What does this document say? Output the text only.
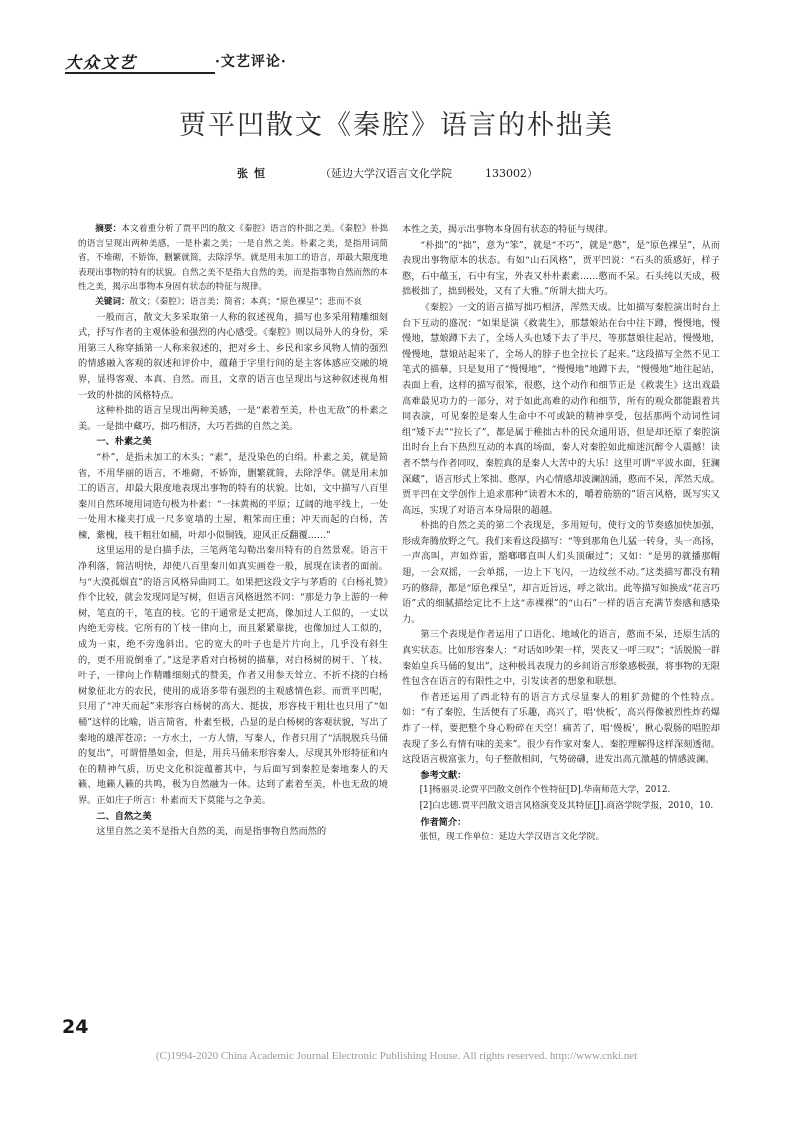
大众文艺	·文艺评论·
贾平凹散文《秦腔》语言的朴拙美
张恒	（延边大学汉语言文化学院　　　133002）

摘要：本文着重分析了贾平凹的散文《秦腔》语言的朴拙之美。《秦腔》朴拙的语言呈现出两种美感，一是朴素之美；一是自然之美。朴素之美，是指用词简省，不堆砌，不娇饰，删繁就简，去除浮华。就是用未加工的语言，却最大限度地表现出事物的特有的状貌。自然之美不是指大自然的美，而是指事物自然而然的本性之美，揭示出事物本身固有状态的特征与规律。

关键词：散文；《秦腔》；语言美；简省；本真；“原色裸呈”；悲而不哀

一般而言，散文大多采取第一人称的叙述视角，描写也多采用精雕细刻式，抒写作者的主观体验和强烈的内心感受。《秦腔》则以局外人的身份，采用第三人称穿插第一人称来叙述的，把对乡土、乡民和家乡风物人情的强烈的情感融入客观的叙述和评价中，蕴藉于字里行间的是主客体感应交融的境界，显得客观、本真、自然。而且，文章的语言也呈现出与这种叙述视角相一致的朴拙的风格特点。

这种朴拙的语言呈现出两种美感，一是“素着至美，朴也无敌”的朴素之美。一是拙中藏巧，拙巧相济，大巧若拙的自然之美。

一、朴素之美

“朴”，是指未加工的木头；“素”，是没染色的白绢。朴素之美，就是简省，不用华丽的语言，不堆砌，不娇饰，删繁就简，去除浮华。就是用未加工的语言，却最大限度地表现出事物的特有的状貌。比如，文中描写八百里秦川自然环境用词造句极为朴素：“一抹黄褐的平原；辽阔的地平线上，一处一处用木椽夹打成一尺多宽墙的土屋，粗笨而庄重；冲天而起的白杨，苦楝，紫槐，枝干粗壮如桶，叶却小似铜钱，迎风正反翻覆……”

这里运用的是白描手法，三笔两笔勾勒出秦川特有的自然景观。语言干净利落，简洁明快，却使八百里秦川如真实画卷一般，展现在读者的面前。与“大漠孤烟直”的语言风格异曲同工。如果把这段文字与茅盾的《白杨礼赞》作个比较，就会发现同是写树，但语言风格迥然不同：“那是力争上游的一种树，笔直的干，笔直的枝。它的干通常是丈把高，像加过人工似的，一丈以内绝无旁枝。它所有的丫枝一律向上，而且紧紧靠拢，也像加过人工似的，成为一束，绝不旁逸斜出。它的宽大的叶子也是片片向上，几乎没有斜生的，更不用说倒垂了。”这是茅盾对白杨树的描摹，对白杨树的树干、丫枝、叶子，一律向上作精雕细刻式的赞美，作者又用参天耸立、不折不挠的白杨树象征北方的农民，使用的成语多带有强烈的主观感情色彩。而贾平凹呢，只用了“冲天而起”来形容白杨树的高大、挺拔，形容枝干粗壮也只用了“如桶”这样的比喻，语言简省，朴素至极，凸显的是白杨树的客观状貌，写出了秦地的雄浑苍凉；一方水土，一方人情，写秦人，作者只用了“活脱脱兵马俑的复出”，可谓惜墨如金，但是，用兵马俑来形容秦人，尽现其外形特征和内在的精神气质，历史文化积淀蕴蓄其中，与后面写到秦腔是秦地秦人的天籁、地籁人籁的共鸣，极为自然融为一体。达到了素着至美，朴也无敌的境界。正如庄子所言：朴素而天下莫能与之争美。

二、自然之美

这里自然之美不是指大自然的美，而是指事物自然而然的

本性之美，揭示出事物本身固有状态的特征与规律。

“朴拙”的“拙”，意为“笨”，就是“不巧”，就是“憨”，是“原色裸呈”，从而表现出事物原本的状态。有如“山石风格”，贾平凹说：“石头的质感好，样子憨，石中蕴玉，石中有宝，外表又朴朴素素……憨而不呆。石头纯以天成，极拙极拙了，拙到极处，又有了大雅。”所谓大拙大巧。

《秦腔》一文的语言描写拙巧相济，浑然天成。比如描写秦腔演出时台上台下互动的盛况：“如果是演《救裴生》，那慧娘站在台中往下蹲，慢慢地，慢慢地，慧娘蹲下去了，全场人头也矮下去了半尺，等那慧娘往起站，慢慢地，慢慢地，慧娘站起来了，全场人的脖子也全拉长了起来。”这段描写全然不见工笔式的描摹，只是复用了“慢慢地”，“慢慢地”地蹲下去，“慢慢地”地往起站，表面上看，这样的描写很笨，很憨，这个动作和细节正是《救裴生》这出戏最高难最见功力的一部分，对于如此高难的动作和细节，所有的观众都能跟着共同表演，可见秦腔是秦人生命中不可或缺的精神享受，包括那两个动词性词组“矮下去”“拉长了”，都是属于稚拙古朴的民众通用语，但是却还原了秦腔演出时台上台下热烈互动的本真的场面，秦人对秦腔如此痴迷沉醉令人震撼！读者不禁与作者同叹，秦腔真的是秦人大苦中的大乐！这里可谓“平波水面，狂澜深藏”，语言形式上笨拙、憨厚，内心情感却波澜汹涌，憨而不呆，浑然天成。贾平凹在文学创作上追求那种“读着木木的，嚼着筋筋的”语言风格，既写实又高远，实现了对语言本身局限的超越。

朴拙的自然之美的第二个表现是，多用短句，使行文的节奏感加快加强，形成奔腾放野之气。我们来看这段描写：“等到那角色儿猛一转身，头一高扬，一声高叫，声如炸雷，豁啷啷直叫人们头顶碾过”；又如：“是男的就播那帽翅，一会双摇，一会单摇，一边上下飞闪，一边纹丝不动。”这类描写都没有精巧的修辞，都是“原色裸呈”，却言近旨远，呼之欲出。此等描写如换成“花言巧语”式的细腻描绘定比不上这“赤裸裸”的“山石”一样的语言充满节奏感和感染力。

第三个表现是作者运用了口语化、地域化的语言，憨而不呆，还原生活的真实状态。比如形容秦人：“对话如吵架一样，哭丧又一呼三叹”；“活脱脱一群秦始皇兵马俑的复出”，这种极具表现力的乡间语言形象感极强，将事物的无限性包含在语言的有限性之中，引发读者的想象和联想。

作者还运用了西北特有的语言方式尽显秦人的粗犷劲健的个性特点。如：“有了秦腔，生活便有了乐趣，高兴了，唱‘快板’，高兴得像被烈性炸药爆炸了一样，要把整个身心粉碎在天空！痛苦了，唱‘慢板’，揪心裂肠的唱腔却表现了多么有情有味的美来”。很少有作家对秦人、秦腔理解得这样深刻透彻。这段语言极富张力，句子整散相间，气势磅礴，进发出高亢激越的情感波澜。

参考文献：

[1]杨丽灵.论贾平凹散文创作个性特征[D].华南师范大学，2012.

[2]白忠德.贾平凹散文语言风格演变及其特征[J].商洛学院学报，2010，10.

作者简介：

张恒，现工作单位：延边大学汉语言文化学院。

24
(C)1994-2020 China Academic Journal Electronic Publishing House. All rights reserved. http://www.cnki.net
